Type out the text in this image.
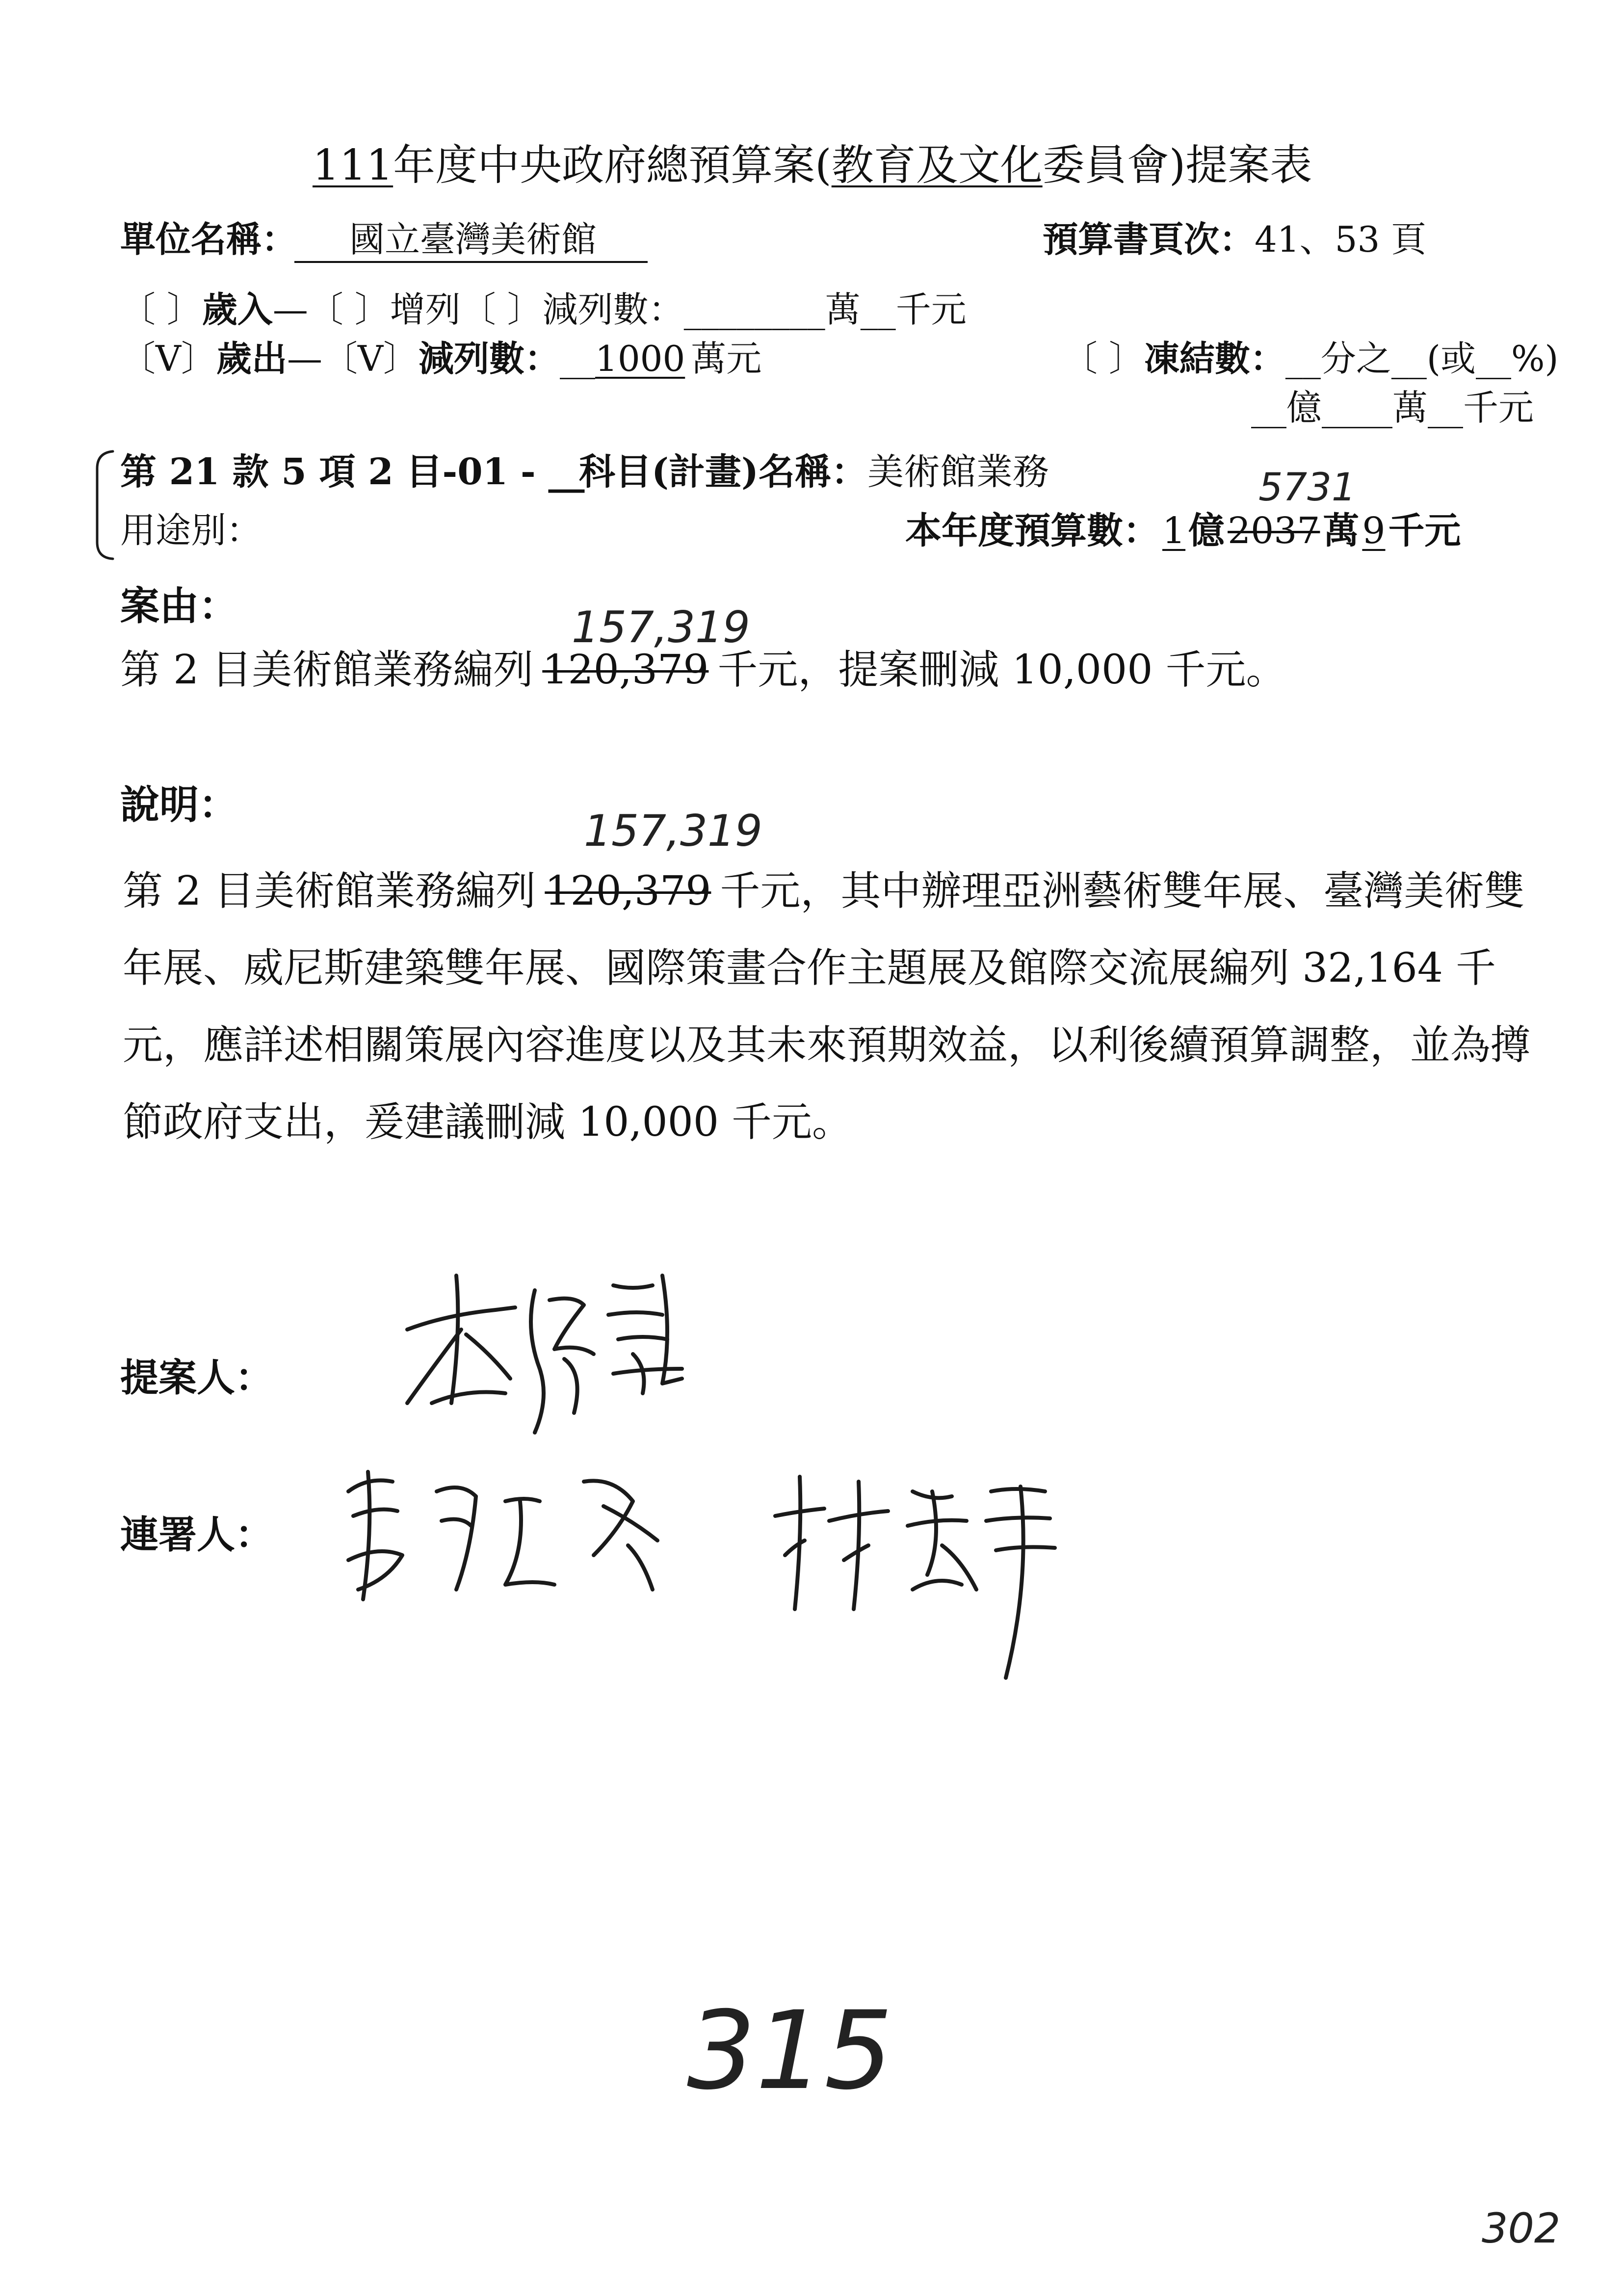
111年度中央政府總預算案(教育及文化委員會)提案表
單位名稱：	國立臺灣美術館	預算書頁次：41、53 頁
〔 〕歲入—〔 〕增列〔 〕減列數：________萬__千元
〔V〕歲出—〔V〕減列數：__1000 萬元	〔 〕凍結數：__分之__(或__%)
__億____萬__千元
第 21 款 5 項 2 目-01 - __
科目(計畫)名稱：美術館業務
用途別：	本年度預算數：1億2037萬9千元
5731
案由：	157,319
第 2 目美術館業務編列 120,379 千元，提案刪減 10,000 千元。
說明：
157,319
第 2 目美術館業務編列 120,379 千元，其中辦理亞洲藝術雙年展、臺灣美術雙年展、威尼斯建築雙年展、國際策畫合作主題展及館際交流展編列 32,164 千元，應詳述相關策展內容進度以及其未來預期效益，以利後續預算調整，並為撙節政府支出，爰建議刪減 10,000 千元。
提案人：
連署人：
315
302
